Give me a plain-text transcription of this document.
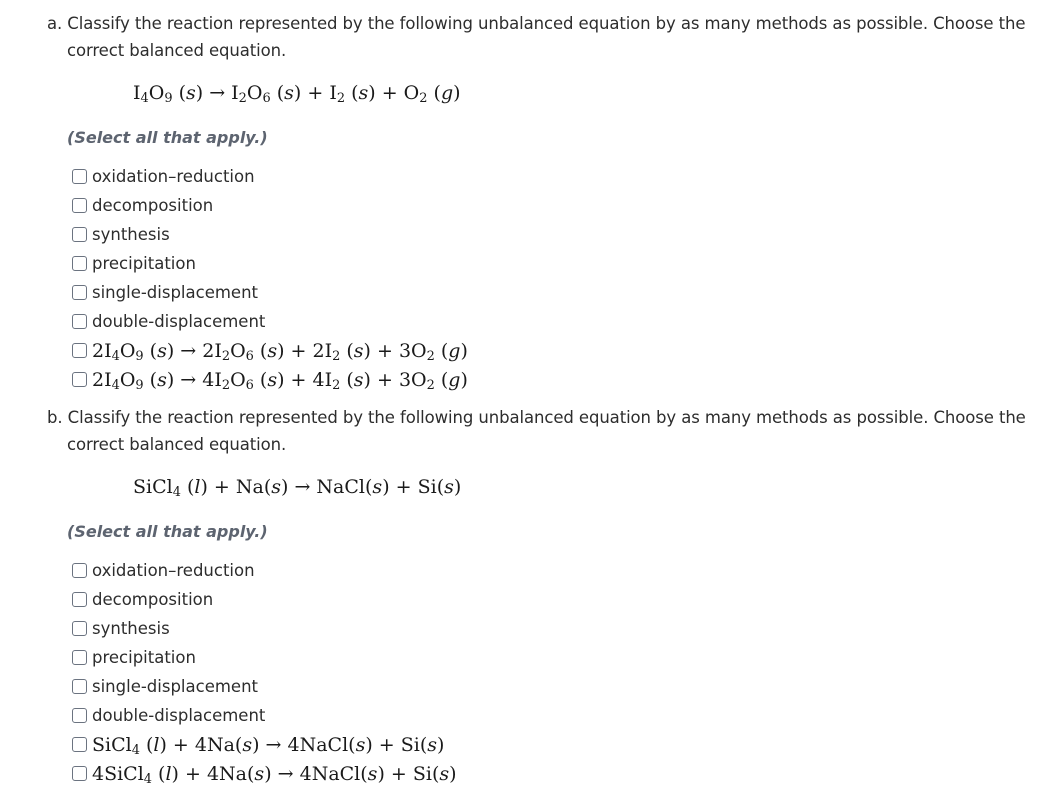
a. Classify the reaction represented by the following unbalanced equation by as many methods as possible. Choose the
correct balanced equation.
$I_4O_9$ $(s) \to I_2O_6$ $(s) + I_2$ $(s) + O_2$ (g)
(Select all that apply.)
oxidation–reduction
decomposition
synthesis
precipitation
single-displacement
double-displacement
$2I_4O_9$ $(s) \to 2I_2O_6$ $(s) + 2I_2$ $(s) + 3O_2$ (g)
$2I_4O_9$ $(s) \to 4I_2O_6$ $(s) + 4I_2$ $(s) + 3O_2$ (g)
b. Classify the reaction represented by the following unbalanced equation by as many methods as possible. Choose the
correct balanced equation.
SiCl$_4$ (l) + Na(s) → NaCl(s) + Si(s)
(Select all that apply.)
oxidation–reduction
decomposition
synthesis
precipitation
single-displacement
double-displacement
SiCl$_4$ (l) + 4Na(s) → 4NaCl(s) + Si(s)
4SiCl$_4$ (l) + 4Na(s) → 4NaCl(s) + Si(s)
